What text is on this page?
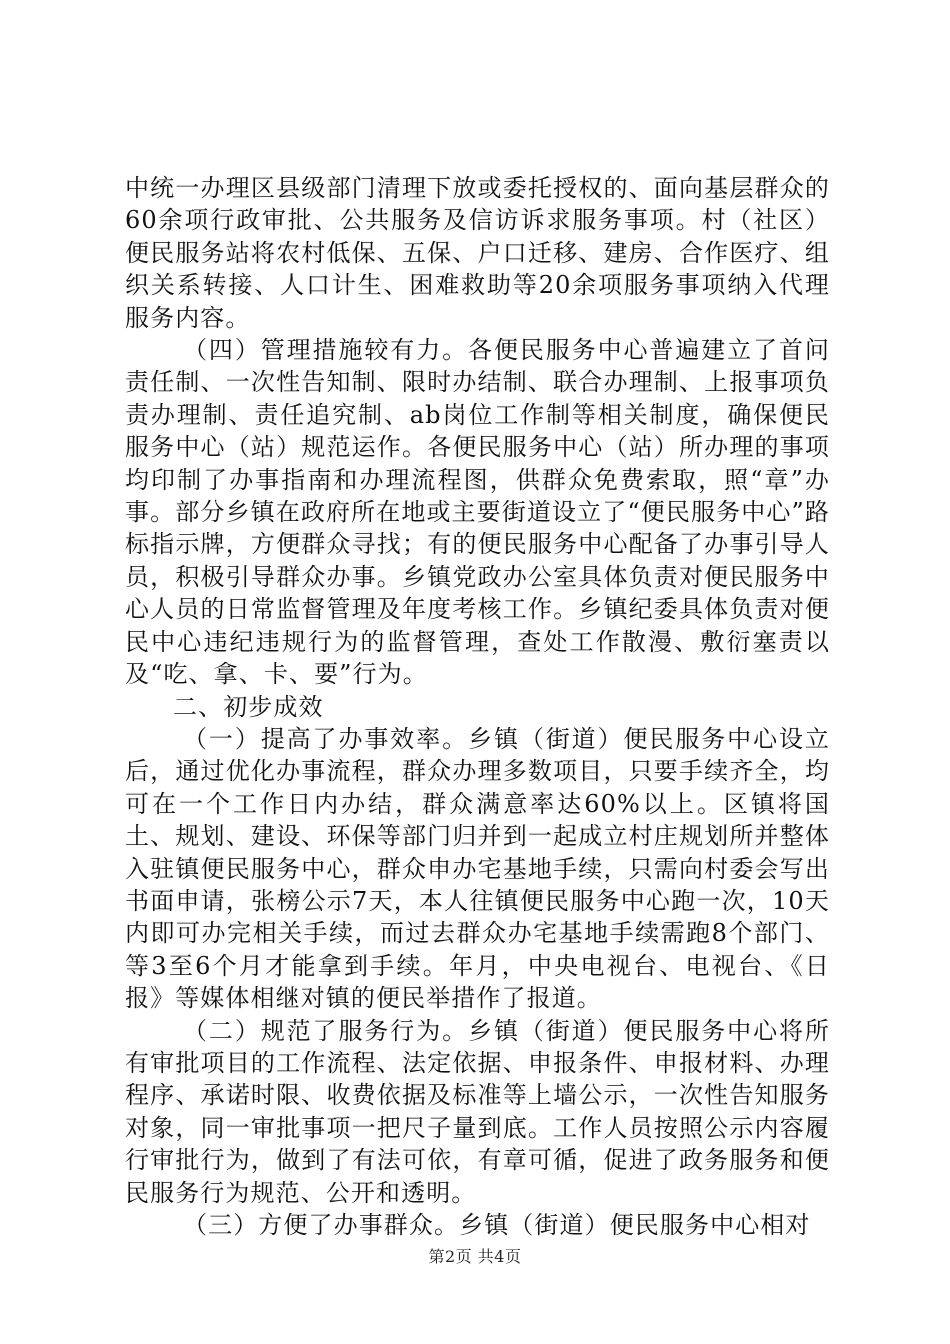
中统一办理区县级部门清理下放或委托授权的、面向基层群众的60余项行政审批、公共服务及信访诉求服务事项。村（社区）便民服务站将农村低保、五保、户口迁移、建房、合作医疗、组织关系转接、人口计生、困难救助等20余项服务事项纳入代理服务内容。

（四）管理措施较有力。各便民服务中心普遍建立了首问责任制、一次性告知制、限时办结制、联合办理制、上报事项负责办理制、责任追究制、ab岗位工作制等相关制度，确保便民服务中心（站）规范运作。各便民服务中心（站）所办理的事项均印制了办事指南和办理流程图，供群众免费索取，照“章”办事。部分乡镇在政府所在地或主要街道设立了“便民服务中心”路标指示牌，方便群众寻找；有的便民服务中心配备了办事引导人员，积极引导群众办事。乡镇党政办公室具体负责对便民服务中心人员的日常监督管理及年度考核工作。乡镇纪委具体负责对便民中心违纪违规行为的监督管理，查处工作散漫、敷衍塞责以及“吃、拿、卡、要”行为。

二、初步成效

（一）提高了办事效率。乡镇（街道）便民服务中心设立后，通过优化办事流程，群众办理多数项目，只要手续齐全，均可在一个工作日内办结，群众满意率达60%以上。区镇将国土、规划、建设、环保等部门归并到一起成立村庄规划所并整体入驻镇便民服务中心，群众申办宅基地手续，只需向村委会写出书面申请，张榜公示7天，本人往镇便民服务中心跑一次，10天内即可办完相关手续，而过去群众办宅基地手续需跑8个部门、等3至6个月才能拿到手续。年月，中央电视台、电视台、《日报》等媒体相继对镇的便民举措作了报道。

（二）规范了服务行为。乡镇（街道）便民服务中心将所有审批项目的工作流程、法定依据、申报条件、申报材料、办理程序、承诺时限、收费依据及标准等上墙公示，一次性告知服务对象，同一审批事项一把尺子量到底。工作人员按照公示内容履行审批行为，做到了有法可依，有章可循，促进了政务服务和便民服务行为规范、公开和透明。

（三）方便了办事群众。乡镇（街道）便民服务中心相对

第2页 共4页
